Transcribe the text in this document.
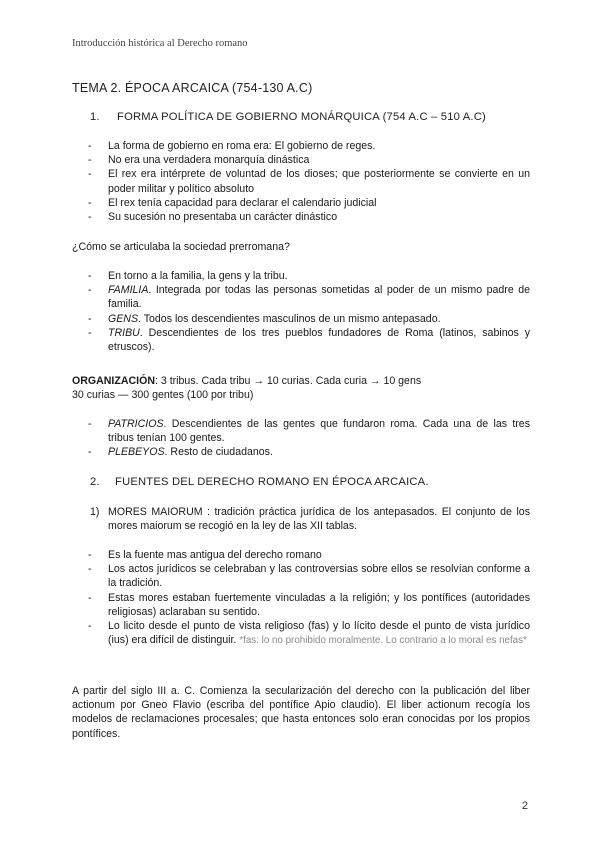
Introducción histórica al Derecho romano
TEMA 2. ÉPOCA ARCAICA (754-130 A.C)
1. FORMA POLÍTICA DE GOBIERNO MONÁRQUICA (754 A.C – 510 A.C)
- La forma de gobierno en roma era: El gobierno de reges.
- No era una verdadera monarquía dinástica
- El rex era intérprete de voluntad de los dioses; que posteriormente se convierte en un poder militar y político absoluto
- El rex tenía capacidad para declarar el calendario judicial
- Su sucesión no presentaba un carácter dinástico
¿Cómo se articulaba la sociedad prerromana?
- En torno a la familia, la gens y la tribu.
- FAMILIA. Integrada por todas las personas sometidas al poder de un mismo padre de familia.
- GENS. Todos los descendientes masculinos de un mismo antepasado.
- TRIBU. Descendientes de los tres pueblos fundadores de Roma (latinos, sabinos y etruscos).
ORGANIZACIÓN: 3 tribus. Cada tribu → 10 curias. Cada curia → 10 gens
30 curias — 300 gentes (100 por tribu)
- PATRICIOS. Descendientes de las gentes que fundaron roma. Cada una de las tres tribus tenían 100 gentes.
- PLEBEYOS. Resto de ciudadanos.
2. FUENTES DEL DERECHO ROMANO EN ÉPOCA ARCAICA.
1) MORES MAIORUM : tradición práctica jurídica de los antepasados. El conjunto de los mores maiorum se recogió en la ley de las XII tablas.
- Es la fuente mas antigua del derecho romano
- Los actos jurídicos se celebraban y las controversias sobre ellos se resolvían conforme a la tradición.
- Estas mores estaban fuertemente vinculadas a la religión; y los pontífices (autoridades religiosas) aclaraban su sentido.
- Lo licito desde el punto de vista religioso (fas) y lo lícito desde el punto de vista jurídico (ius) era difícil de distinguir. *fas: lo no prohibido moralmente. Lo contrario a lo moral es nefas*
A partir del siglo III a. C. Comienza la secularización del derecho con la publicación del liber actionum por Gneo Flavio (escriba del pontífice Apio claudio). El liber actionum recogía los modelos de reclamaciones procesales; que hasta entonces solo eran conocidas por los propios pontífices.
2
